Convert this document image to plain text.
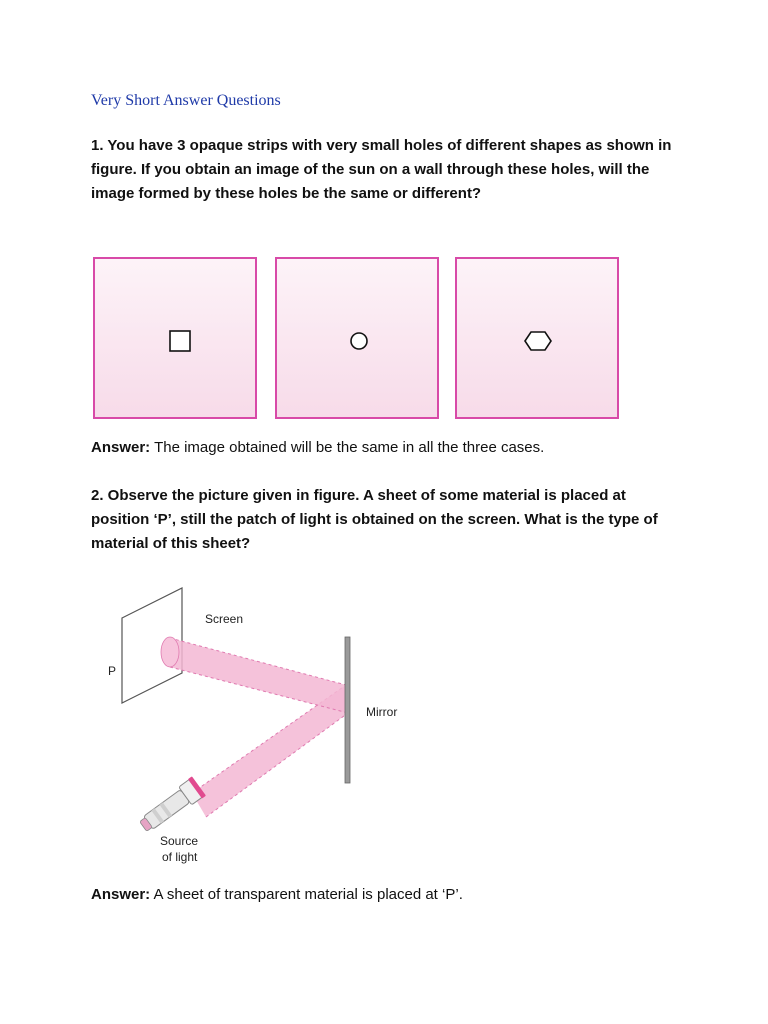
Very Short Answer Questions

1. You have 3 opaque strips with very small holes of different shapes as shown in figure. If you obtain an image of the sun on a wall through these holes, will the image formed by these holes be the same or different?

Answer: The image obtained will be the same in all the three cases.

2. Observe the picture given in figure. A sheet of some material is placed at position ‘P’, still the patch of light is obtained on the screen. What is the type of material of this sheet?

Screen
P
Mirror
Source
of light

Answer: A sheet of transparent material is placed at ‘P’.
